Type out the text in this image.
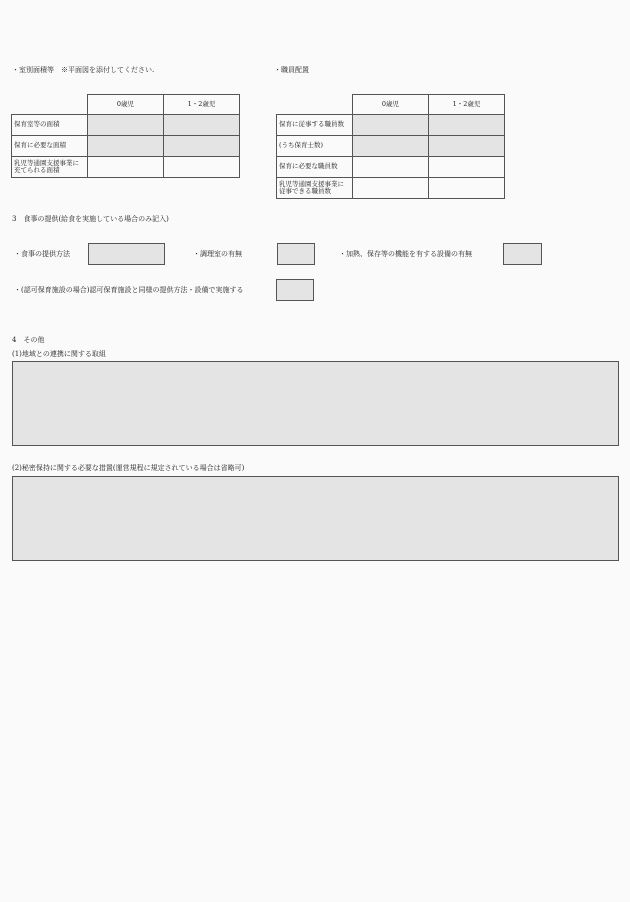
・室別面積等　※平面図を添付してください.
	0歳児	1・2歳児
保育室等の面積		
保育に必要な面積		
乳児等通園支援事業に充てられる面積		
・職員配置
	0歳児	1・2歳児
保育に従事する職員数		
(うち保育士数)		
保育に必要な職員数		
乳児等通園支援事業に従事できる職員数		
3　食事の提供(給食を実施している場合のみ記入)
・食事の提供方法	・調理室の有無	・加熱、保存等の機能を有する設備の有無
・(認可保育施設の場合)認可保育施設と同様の提供方法・設備で実施する
4　その他
(1)地域との連携に関する取組
(2)秘密保持に関する必要な措置(運営規程に規定されている場合は省略可)
